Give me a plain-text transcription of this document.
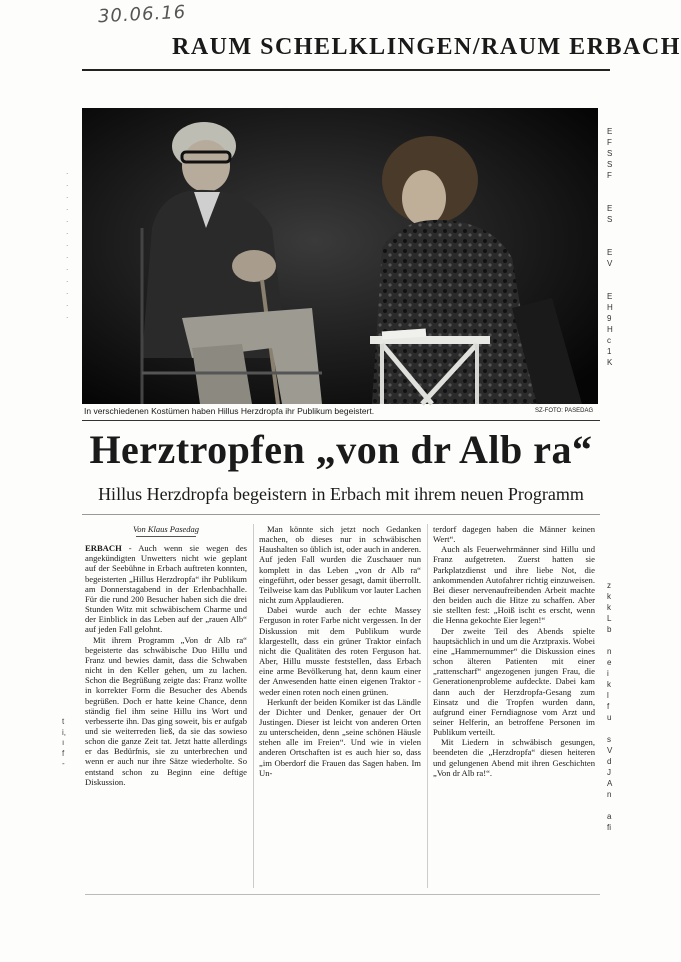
30.06.16
RAUM SCHELKLINGEN/RAUM ERBACH
·
·
·
·
·
·
·
·
·
·
·
·
·
In verschiedenen Kostümen haben Hillus Herzdropfa ihr Publikum begeistert.	SZ-FOTO: PASEDAG
E
F
S
S
F

E
S

E
V

E
H
9
H
c
1
K
z
k
k
L
b

n
e
i
k
l
f
u

s
V
d
J
A
n

a
fi
t
i,
ı
f
-
Herztropfen „von dr Alb ra“
Hillus Herzdropfa begeistern in Erbach mit ihrem neuen Programm
Von Klaus Pasedag

ERBACH - Auch wenn sie wegen des angekündigten Unwetters nicht wie geplant auf der Seebühne in Erbach auftreten konnten, begeisterten „Hillus Herzdropfa“ ihr Publikum am Donnerstagabend in der Erlenbachhalle. Für die rund 200 Besucher haben sich die drei Stunden Witz mit schwäbischem Charme und der Einblick in das Leben auf der „rauen Alb“ auf jeden Fall gelohnt.

Mit ihrem Programm „Von dr Alb ra“ begeisterte das schwäbische Duo Hillu und Franz und bewies damit, dass die Schwaben nicht in den Keller gehen, um zu lachen. Schon die Begrüßung zeigte das: Franz wollte in korrekter Form die Besucher des Abends begrüßen. Doch er hatte keine Chance, denn ständig fiel ihm seine Hillu ins Wort und verbesserte ihn. Das ging soweit, bis er aufgab und sie weiterreden ließ, da sie das sowieso schon die ganze Zeit tat. Jetzt hatte allerdings er das Bedürfnis, sie zu unterbrechen und wenn er auch nur ihre Sätze wiederholte. So entstand schon zu Beginn eine deftige Diskussion.

Man könnte sich jetzt noch Gedanken machen, ob dieses nur in schwäbischen Haushalten so üblich ist, oder auch in anderen. Auf jeden Fall wurden die Zuschauer nun komplett in das Leben „von dr Alb ra“ eingeführt, oder besser gesagt, damit überrollt. Teilweise kam das Publikum vor lauter Lachen nicht zum Applaudieren.

Dabei wurde auch der echte Massey Ferguson in roter Farbe nicht vergessen. In der Diskussion mit dem Publikum wurde klargestellt, dass ein grüner Traktor einfach nicht die Qualitäten des roten Ferguson hat. Aber, Hillu musste feststellen, dass Erbach eine arme Bevölkerung hat, denn kaum einer der Anwesenden hatte einen eigenen Traktor - weder einen roten noch einen grünen.

Herkunft der beiden Komiker ist das Ländle der Dichter und Denker, genauer der Ort Justingen. Dieser ist leicht von anderen Orten zu unterscheiden, denn „seine schönen Häusle stehen alle im Freien“. Und wie in vielen anderen Ortschaften ist es auch hier so, dass „im Oberdorf die Frauen das Sagen haben. Im Un-

terdorf dagegen haben die Männer keinen Wert“.

Auch als Feuerwehrmänner sind Hillu und Franz aufgetreten. Zuerst hatten sie Parkplatzdienst und ihre liebe Not, die ankommenden Autofahrer richtig einzuweisen. Bei dieser nervenaufreibenden Arbeit machte den beiden auch die Hitze zu schaffen. Aber sie stellten fest: „Hoiß ischt es erscht, wenn die Henna gekochte Eier legen!“

Der zweite Teil des Abends spielte hauptsächlich in und um die Arztpraxis. Wobei eine „Hammernummer“ die Diskussion eines schon älteren Patienten mit einer „rattenscharf“ angezogenen jungen Frau, die Generationenprobleme aufdeckte. Dabei kam dann auch der Herzdropfa-Gesang zum Einsatz und die Tropfen wurden dann, aufgrund einer Ferndiagnose vom Arzt und seiner Helferin, an betroffene Personen im Publikum verteilt.

Mit Liedern in schwäbisch gesungen, beendeten die „Herzdropfa“ diesen heiteren und gelungenen Abend mit ihren Geschichten „Von dr Alb ra!“.
